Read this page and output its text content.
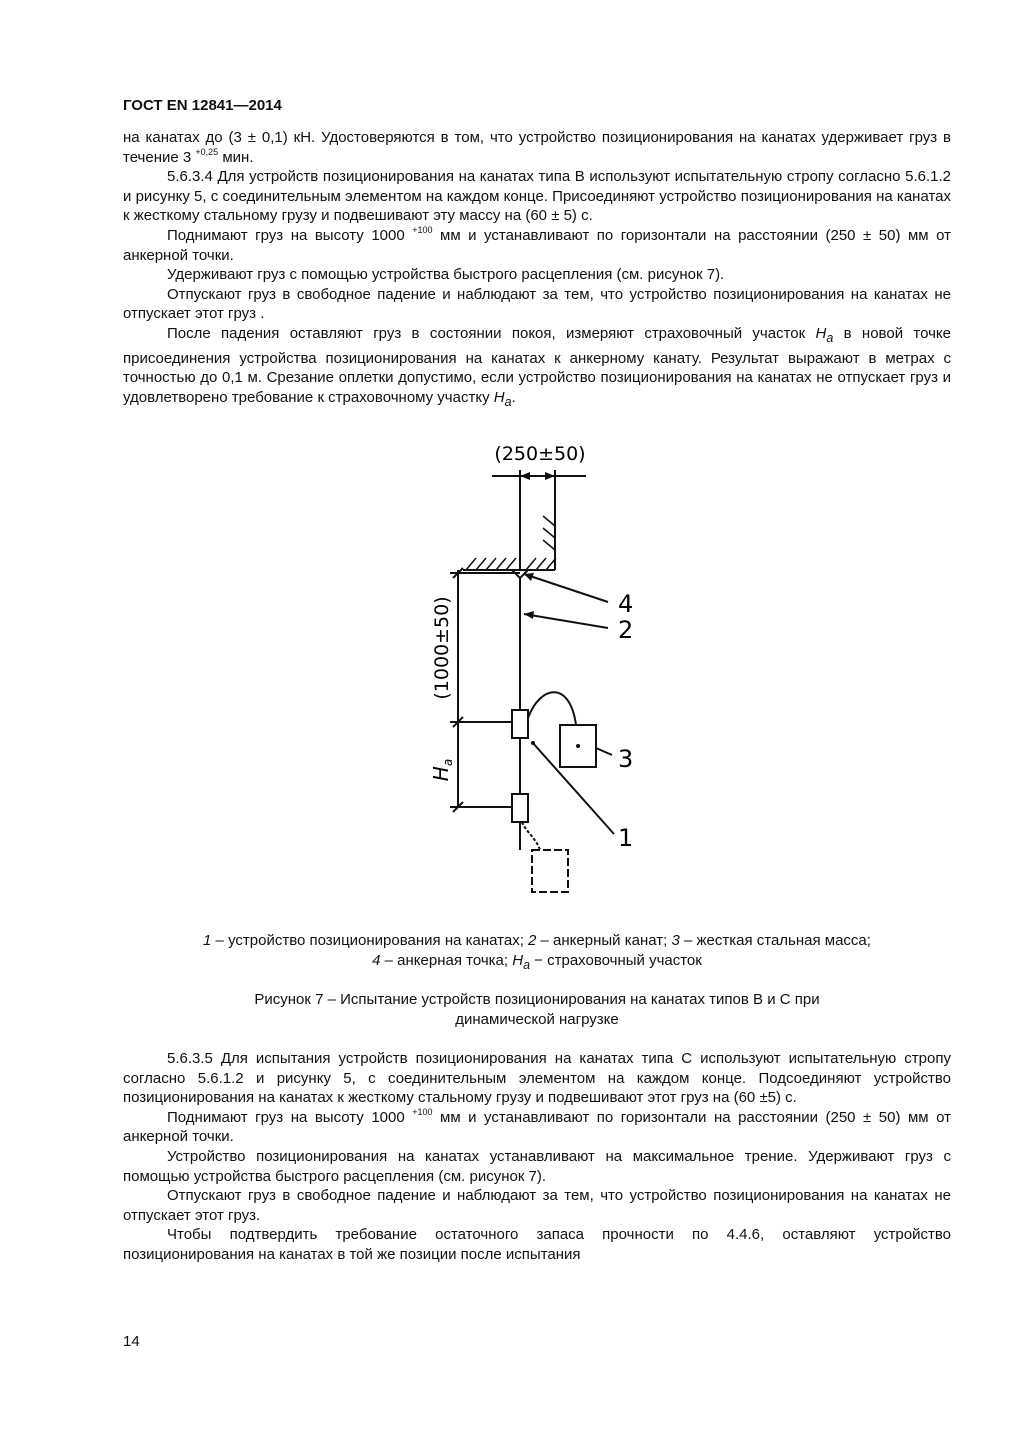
ГОСТ EN 12841—2014

на канатах до (3 ± 0,1) кН. Удостоверяются в том, что устройство позиционирования на канатах удерживает груз в течение 3 $^{+0,25}$ мин.

5.6.3.4 Для устройств позиционирования на канатах типа В используют испытательную стропу согласно 5.6.1.2 и рисунку 5, с соединительным элементом на каждом конце. Присоединяют устройство позиционирования на канатах к жесткому стальному грузу и подвешивают эту массу на (60 ± 5) с.

Поднимают груз на высоту 1000 $^{+100}$ мм и устанавливают по горизонтали на расстоянии (250 ± 50) мм от анкерной точки.

Удерживают груз с помощью устройства быстрого расцепления (см. рисунок 7).

Отпускают груз в свободное падение и наблюдают за тем, что устройство позиционирования на канатах не отпускает этот груз .

После падения оставляют груз в состоянии покоя, измеряют страховочный участок $H_a$ в новой точке присоединения устройства позиционирования на канатах к анкерному канату. Результат выражают в метрах с точностью до 0,1 м. Срезание оплетки допустимо, если устройство позиционирования на канатах не отпускает груз и удовлетворено требование к страховочному участку $H_a$.

(250±50)
(1000±50)
$H_a$
4
2
3
1
1 – устройство позиционирования на канатах; 2 – анкерный канат; 3 – жесткая стальная масса;
4 – анкерная точка; $H_a$ − страховочный участок
Рисунок 7 – Испытание устройств позиционирования на канатах типов В и С при
динамической нагрузке

5.6.3.5 Для испытания устройств позиционирования на канатах типа С используют испытательную стропу согласно 5.6.1.2 и рисунку 5, с соединительным элементом на каждом конце. Подсоединяют устройство позиционирования на канатах к жесткому стальному грузу и подвешивают этот груз на (60 ±5) с.

Поднимают груз на высоту 1000 $^{+100}$ мм и устанавливают по горизонтали на расстоянии (250 ± 50) мм от анкерной точки.

Устройство позиционирования на канатах устанавливают на максимальное трение. Удерживают груз с помощью устройства быстрого расцепления (см. рисунок 7).

Отпускают груз в свободное падение и наблюдают за тем, что устройство позиционирования на канатах не отпускает этот груз.

Чтобы подтвердить требование остаточного запаса прочности по 4.4.6, оставляют устройство позиционирования на канатах в той же позиции после испытания

14
